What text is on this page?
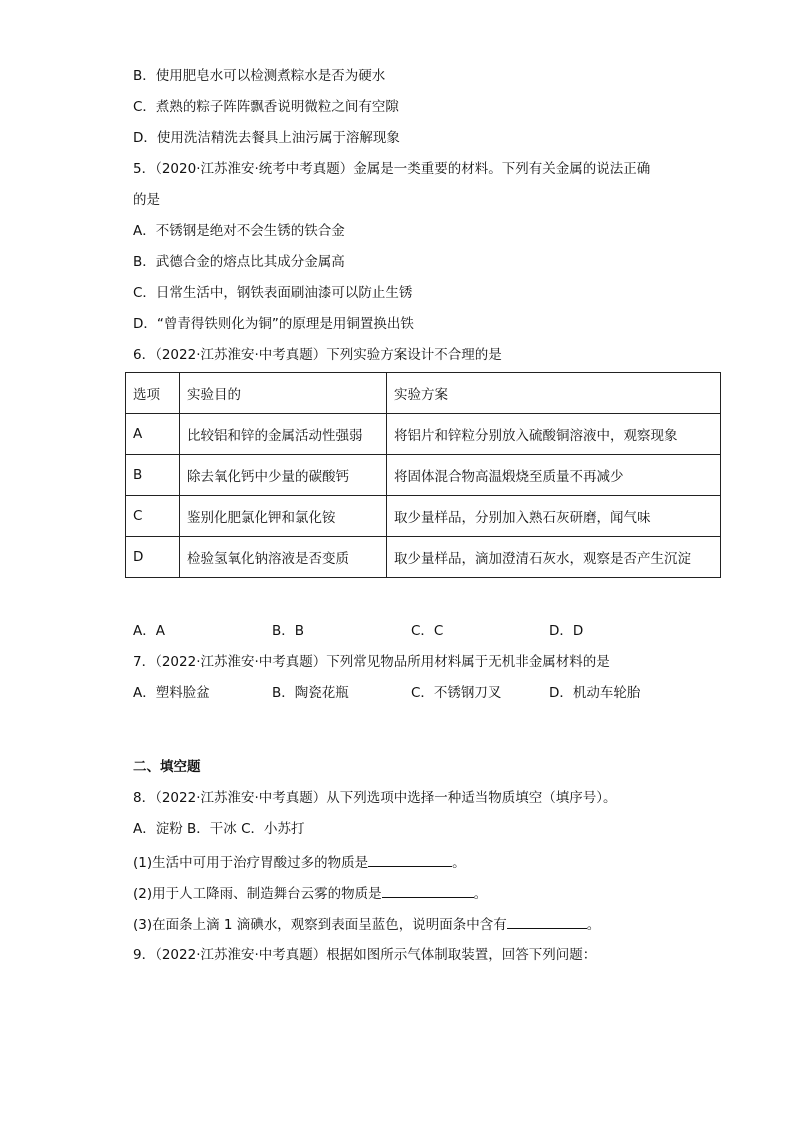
B．使用肥皂水可以检测煮粽水是否为硬水
C．煮熟的粽子阵阵飘香说明微粒之间有空隙
D．使用洗洁精洗去餐具上油污属于溶解现象
5．（2020·江苏淮安·统考中考真题）金属是一类重要的材料。下列有关金属的说法正确
的是
A．不锈钢是绝对不会生锈的铁合金
B．武德合金的熔点比其成分金属高
C．日常生活中，钢铁表面刷油漆可以防止生锈
D．“曾青得铁则化为铜”的原理是用铜置换出铁
6．（2022·江苏淮安·中考真题）下列实验方案设计不合理的是
选项	实验目的	实验方案
A	比较铝和锌的金属活动性强弱	将铝片和锌粒分别放入硫酸铜溶液中，观察现象
B	除去氧化钙中少量的碳酸钙	将固体混合物高温煅烧至质量不再减少
C	鉴别化肥氯化钾和氯化铵	取少量样品，分别加入熟石灰研磨，闻气味
D	检验氢氧化钠溶液是否变质	取少量样品，滴加澄清石灰水，观察是否产生沉淀
A．A	B．B	C．C	D．D
7．（2022·江苏淮安·中考真题）下列常见物品所用材料属于无机非金属材料的是
A．塑料脸盆	B．陶瓷花瓶	C．不锈钢刀叉	D．机动车轮胎
二、填空题
8．（2022·江苏淮安·中考真题）从下列选项中选择一种适当物质填空（填序号）。
A．淀粉 B．干冰 C．小苏打
(1)生活中可用于治疗胃酸过多的物质是	。
(2)用于人工降雨、制造舞台云雾的物质是	。
(3)在面条上滴 1 滴碘水，观察到表面呈蓝色，说明面条中含有	。
9．（2022·江苏淮安·中考真题）根据如图所示气体制取装置，回答下列问题：
